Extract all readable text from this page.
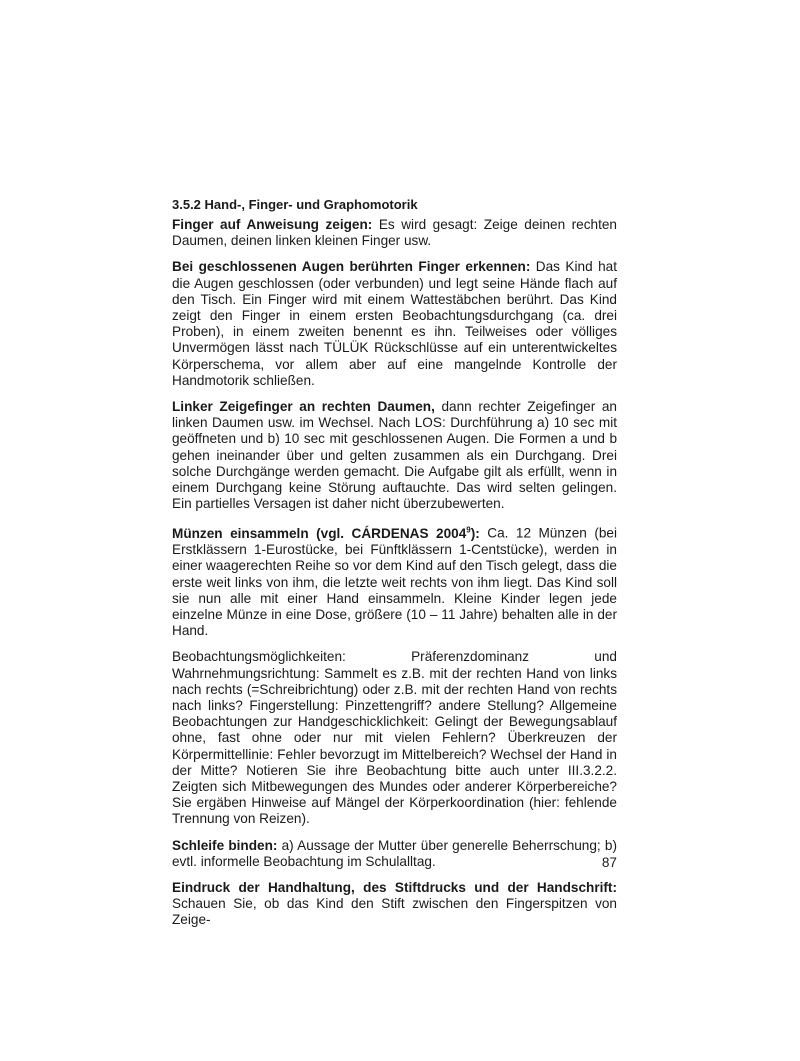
3.5.2 Hand-, Finger- und Graphomotorik

Finger auf Anweisung zeigen: Es wird gesagt: Zeige deinen rechten Daumen, deinen linken kleinen Finger usw.

Bei geschlossenen Augen berührten Finger erkennen: Das Kind hat die Augen geschlossen (oder verbunden) und legt seine Hände flach auf den Tisch. Ein Finger wird mit einem Wattestäbchen berührt. Das Kind zeigt den Finger in einem ersten Beobachtungsdurchgang (ca. drei Proben), in einem zweiten benennt es ihn. Teilweises oder völliges Unvermögen lässt nach TÜLÜK Rückschlüsse auf ein unterentwickeltes Körperschema, vor allem aber auf eine mangelnde Kontrolle der Handmotorik schließen.

Linker Zeigefinger an rechten Daumen, dann rechter Zeigefinger an linken Daumen usw. im Wechsel. Nach LOS: Durchführung a) 10 sec mit geöffneten und b) 10 sec mit geschlossenen Augen. Die Formen a und b gehen ineinander über und gelten zusammen als ein Durchgang. Drei solche Durchgänge werden gemacht. Die Aufgabe gilt als erfüllt, wenn in einem Durchgang keine Störung auftauchte. Das wird selten gelingen. Ein partielles Versagen ist daher nicht überzubewerten.

Münzen einsammeln (vgl. CÁRDENAS 2004$^9$): Ca. 12 Münzen (bei Erstklässern 1-Eurostücke, bei Fünftklässern 1-Centstücke), werden in einer waagerechten Reihe so vor dem Kind auf den Tisch gelegt, dass die erste weit links von ihm, die letzte weit rechts von ihm liegt. Das Kind soll sie nun alle mit einer Hand einsammeln. Kleine Kinder legen jede einzelne Münze in eine Dose, größere (10 – 11 Jahre) behalten alle in der Hand.

Beobachtungsmöglichkeiten: Präferenzdominanz und Wahrnehmungsrichtung: Sammelt es z.B. mit der rechten Hand von links nach rechts (=Schreibrichtung) oder z.B. mit der rechten Hand von rechts nach links? Fingerstellung: Pinzettengriff? andere Stellung? Allgemeine Beobachtungen zur Handgeschicklichkeit: Gelingt der Bewegungsablauf ohne, fast ohne oder nur mit vielen Fehlern? Überkreuzen der Körpermittellinie: Fehler bevorzugt im Mittelbereich? Wechsel der Hand in der Mitte? Notieren Sie ihre Beobachtung bitte auch unter III.3.2.2. Zeigten sich Mitbewegungen des Mundes oder anderer Körperbereiche? Sie ergäben Hinweise auf Mängel der Körperkoordination (hier: fehlende Trennung von Reizen).

Schleife binden: a) Aussage der Mutter über generelle Beherrschung; b) evtl. informelle Beobachtung im Schulalltag.

Eindruck der Handhaltung, des Stiftdrucks und der Handschrift: Schauen Sie, ob das Kind den Stift zwischen den Fingerspitzen von Zeige-

87
